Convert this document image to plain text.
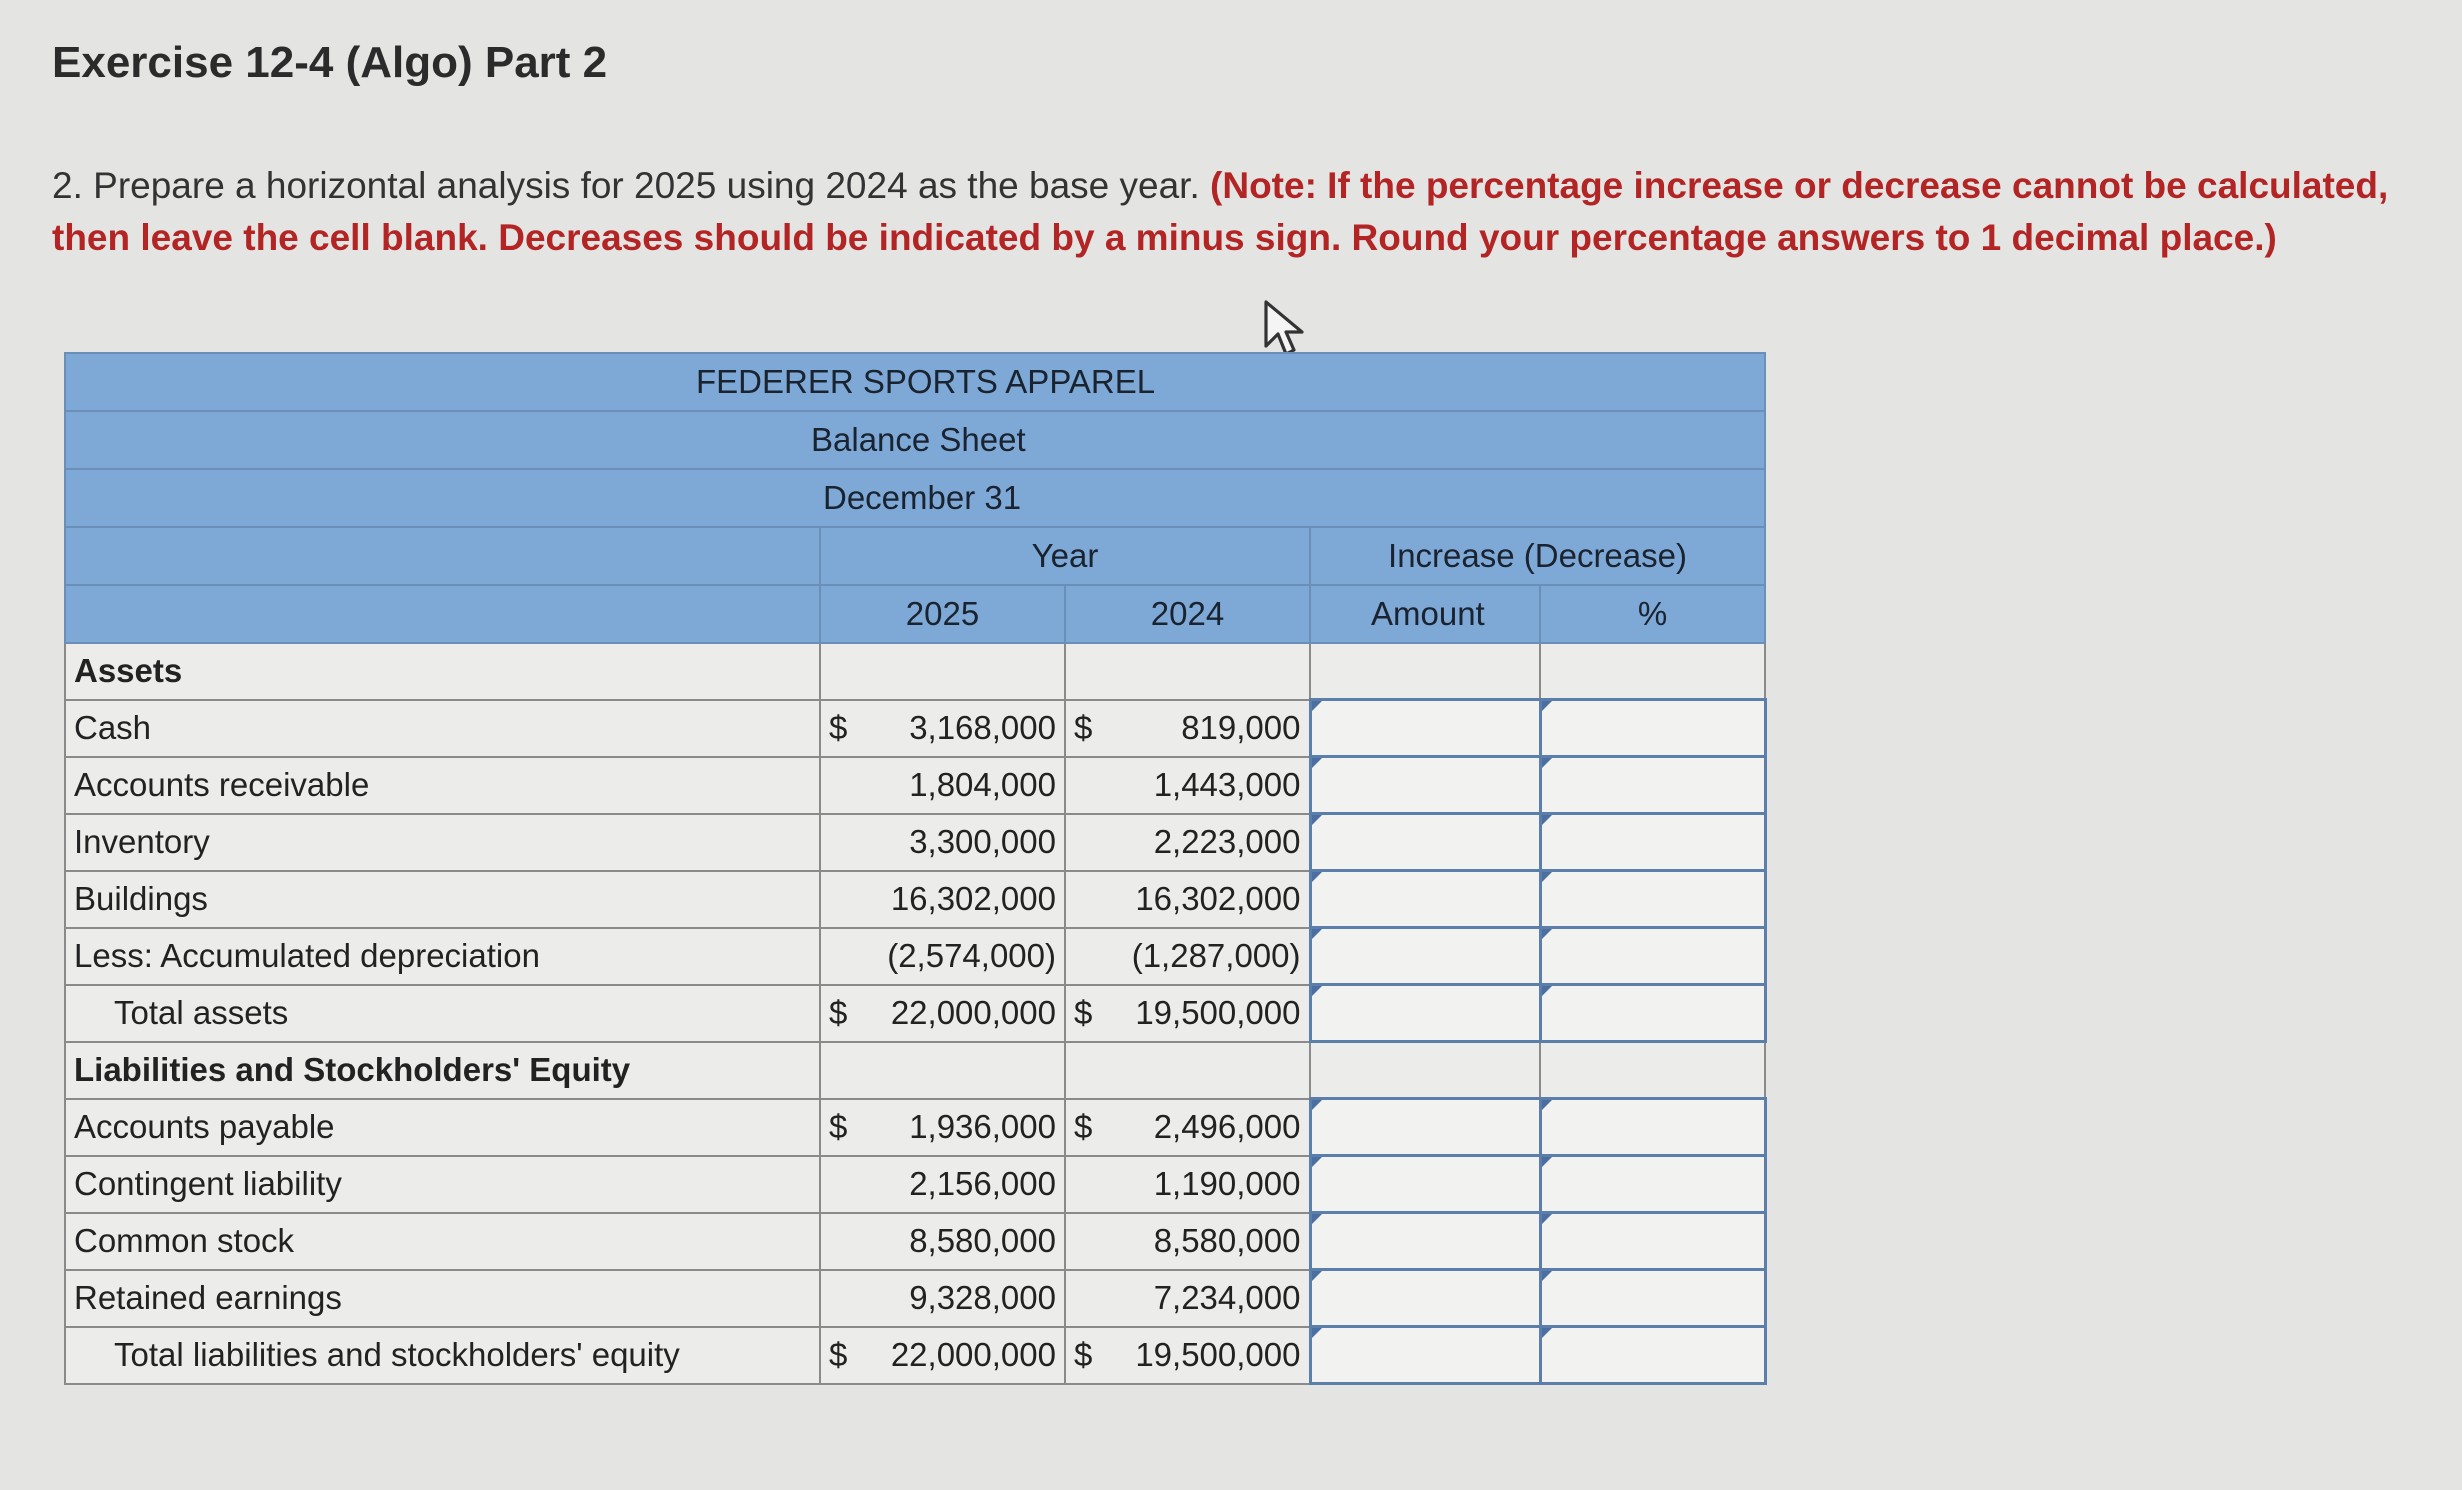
Exercise 12-4 (Algo) Part 2
2. Prepare a horizontal analysis for 2025 using 2024 as the base year. (Note: If the percentage increase or decrease cannot be calculated, then leave the cell blank. Decreases should be indicated by a minus sign. Round your percentage answers to 1 decimal place.)
FEDERER SPORTS APPAREL				
Balance Sheet				
December 31				
	Year		Increase (Decrease)	
	2025	2024	Amount	%
Assets				
Cash	$ 3,168,000	$ 819,000

Accounts receivable	1,804,000	1,443,000

Inventory	3,300,000	2,223,000

Buildings	16,302,000	16,302,000

Less: Accumulated depreciation	(2,574,000)	(1,287,000)

Total assets	$ 22,000,000	$ 19,500,000

Liabilities and Stockholders' Equity				
Accounts payable	$ 1,936,000	$ 2,496,000

Contingent liability	2,156,000	1,190,000

Common stock	8,580,000	8,580,000

Retained earnings	9,328,000	7,234,000

Total liabilities and stockholders' equity	$ 22,000,000	$ 19,500,000
